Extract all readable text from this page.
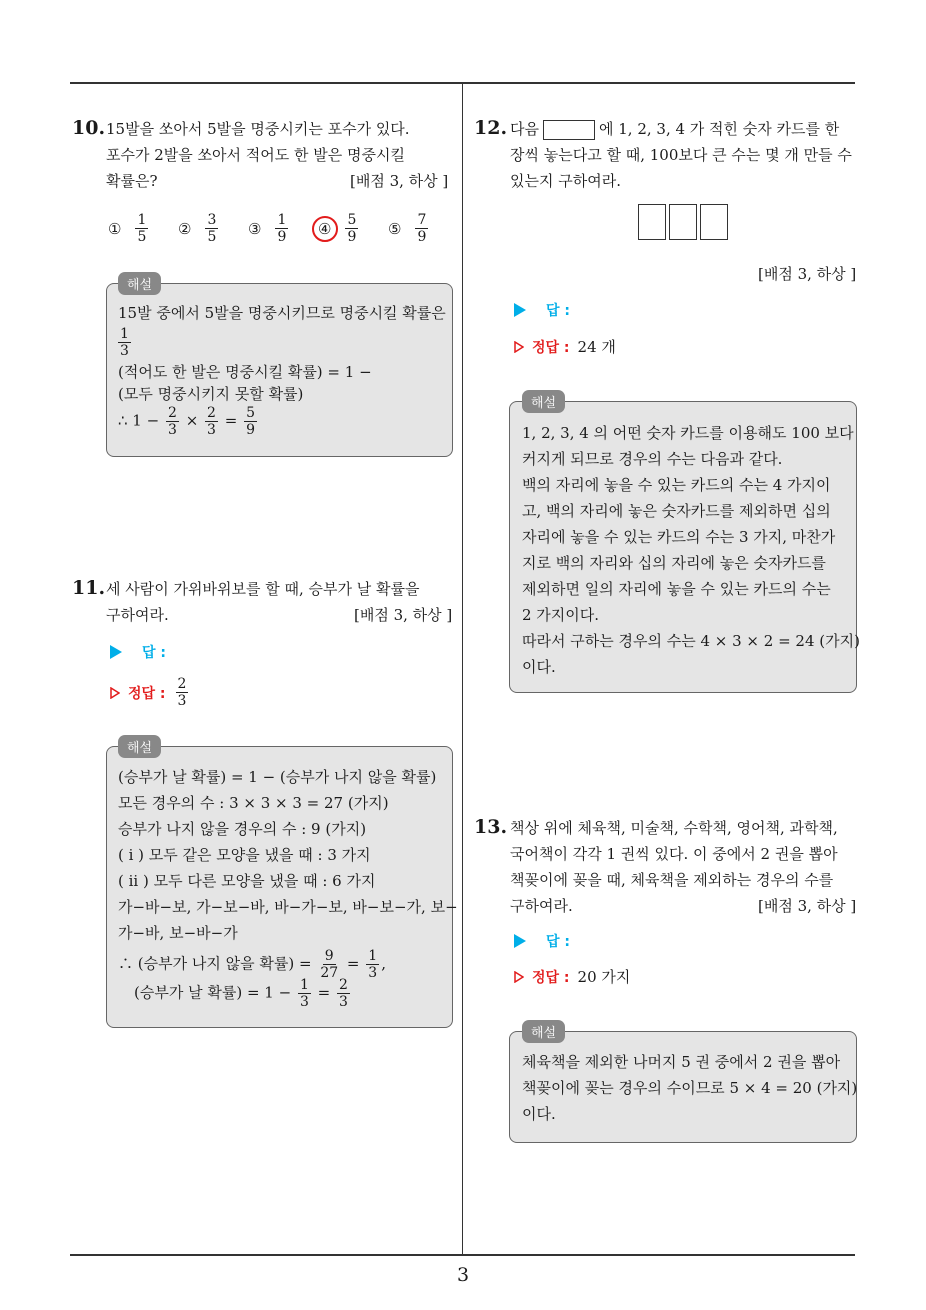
3
10. 15발을 쏘아서 5발을 명중시키는 포수가 있다.
포수가 2발을 쏘아서 적어도 한 발은 명중시킬
확률은?	[배점 3, 하상 ]
① $\frac{1}{5}$ ② $\frac{3}{5}$ ③ $\frac{1}{9}$ ④ $\frac{5}{9}$ ⑤ $\frac{7}{9}$
해설
15발 중에서 5발을 명중시키므로 명중시킬 확률은
$\frac{1}{3}$
(적어도 한 발은 명중시킬 확률) = 1 −
(모두 명중시키지 못할 확률)
∴ $1 - \frac{2}{3} \times \frac{2}{3} = \frac{5}{9}$
11. 세 사람이 가위바위보를 할 때, 승부가 날 확률을
구하여라.	[배점 3, 하상 ]
답 :
정답 : $\frac{2}{3}$
해설
(승부가 날 확률) = 1 − (승부가 나지 않을 확률)
모든 경우의 수 : 3 × 3 × 3 = 27 (가지)
승부가 나지 않을 경우의 수 : 9 (가지)
( i ) 모두 같은 모양을 냈을 때 : 3 가지
( ii ) 모두 다른 모양을 냈을 때 : 6 가지
가−바−보, 가−보−바, 바−가−보, 바−보−가, 보−
가−바, 보−바−가
∴ (승부가 나지 않을 확률) = $\frac{9}{27} = \frac{1}{3}$ ,
(승부가 날 확률) = $1 - \frac{1}{3} = \frac{2}{3}$
12. 다음	에 1, 2, 3, 4 가 적힌 숫자 카드를 한
장씩 놓는다고 할 때, 100보다 큰 수는 몇 개 만들 수
있는지 구하여라.
[배점 3, 하상 ]
답 :
정답 : 24 개
해설
1, 2, 3, 4 의 어떤 숫자 카드를 이용해도 100 보다
커지게 되므로 경우의 수는 다음과 같다.
백의 자리에 놓을 수 있는 카드의 수는 4 가지이
고, 백의 자리에 놓은 숫자카드를 제외하면 십의
자리에 놓을 수 있는 카드의 수는 3 가지, 마찬가
지로 백의 자리와 십의 자리에 놓은 숫자카드를
제외하면 일의 자리에 놓을 수 있는 카드의 수는
2 가지이다.
따라서 구하는 경우의 수는 4 × 3 × 2 = 24 (가지)
이다.
13. 책상 위에 체육책, 미술책, 수학책, 영어책, 과학책,
국어책이 각각 1 권씩 있다. 이 중에서 2 권을 뽑아
책꽂이에 꽂을 때, 체육책을 제외하는 경우의 수를
구하여라.	[배점 3, 하상 ]
답 :
정답 : 20 가지
해설
체육책을 제외한 나머지 5 권 중에서 2 권을 뽑아
책꽂이에 꽂는 경우의 수이므로 5 × 4 = 20 (가지)
이다.
